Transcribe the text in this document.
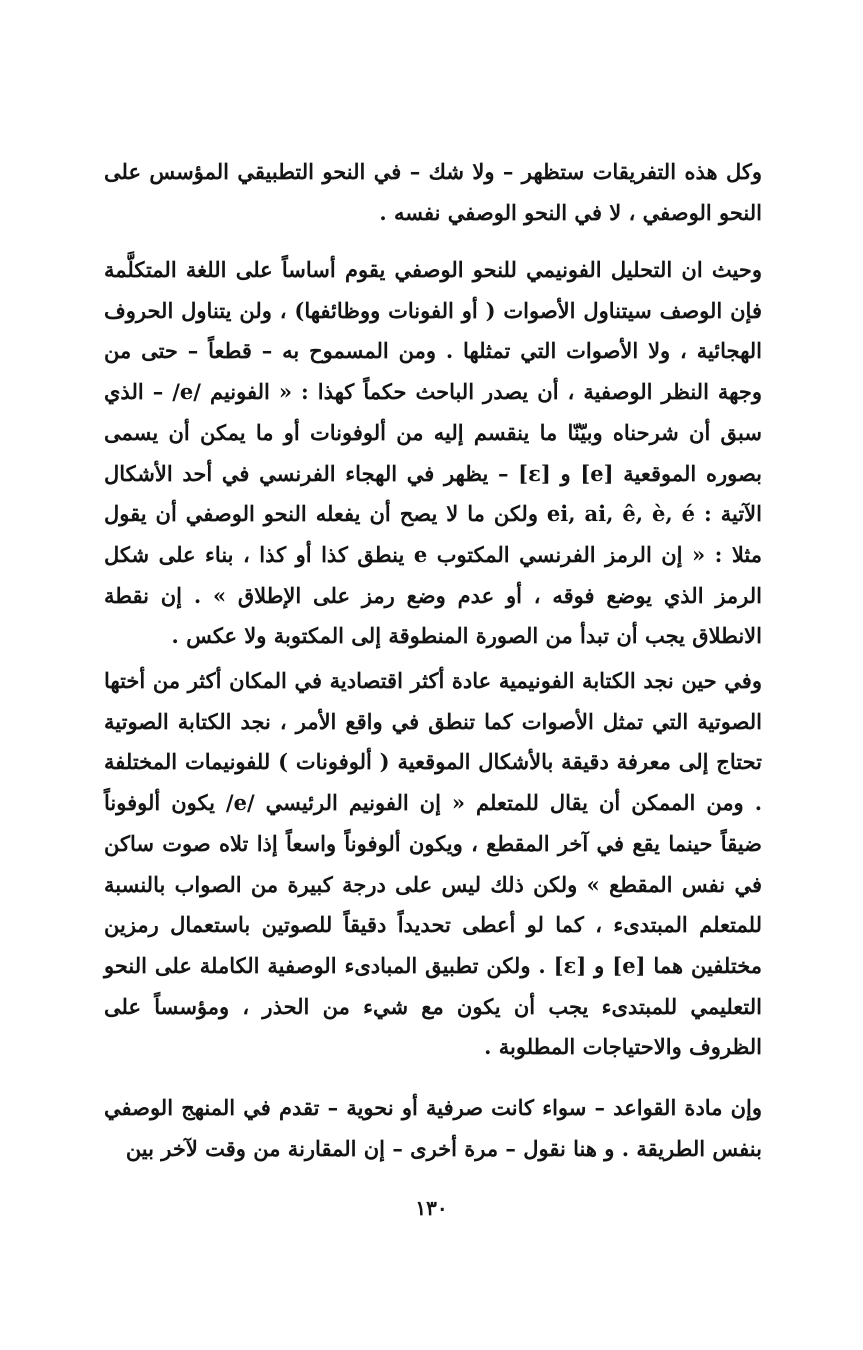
وكل هذه التفريقات ستظهر – ولا شك – في النحو التطبيقي المؤسس على النحو الوصفي ، لا في النحو الوصفي نفسه .

وحيث ان التحليل الفونيمي للنحو الوصفي يقوم أساساً على اللغة المتكلَّمة فإن الوصف سيتناول الأصوات ( أو الفونات ووظائفها) ، ولن يتناول الحروف الهجائية ، ولا الأصوات التي تمثلها . ومن المسموح به – قطعاً – حتى من وجهة النظر الوصفية ، أن يصدر الباحث حكماً كهذا : « الفونيم /e/ – الذي سبق أن شرحناه وبيّنّا ما ينقسم إليه من ألوفونات أو ما يمكن أن يسمى بصوره الموقعية [e] و [ɛ] – يظهر في الهجاء الفرنسي في أحد الأشكال الآتية : ei, ai, ê, è, é ولكن ما لا يصح أن يفعله النحو الوصفي أن يقول مثلا : « إن الرمز الفرنسي المكتوب e ينطق كذا أو كذا ، بناء على شكل الرمز الذي يوضع فوقه ، أو عدم وضع رمز على الإطلاق » . إن نقطة الانطلاق يجب أن تبدأ من الصورة المنطوقة إلى المكتوبة ولا عكس .

وفي حين نجد الكتابة الفونيمية عادة أكثر اقتصادية في المكان أكثر من أختها الصوتية التي تمثل الأصوات كما تنطق في واقع الأمر ، نجد الكتابة الصوتية تحتاج إلى معرفة دقيقة بالأشكال الموقعية ( ألوفونات ) للفونيمات المختلفة . ومن الممكن أن يقال للمتعلم « إن الفونيم الرئيسي /e/ يكون ألوفوناً ضيقاً حينما يقع في آخر المقطع ، ويكون ألوفوناً واسعاً إذا تلاه صوت ساكن في نفس المقطع » ولكن ذلك ليس على درجة كبيرة من الصواب بالنسبة للمتعلم المبتدىء ، كما لو أعطى تحديداً دقيقاً للصوتين باستعمال رمزين مختلفين هما [e] و [ɛ] . ولكن تطبيق المبادىء الوصفية الكاملة على النحو التعليمي للمبتدىء يجب أن يكون مع شيء من الحذر ، ومؤسساً على الظروف والاحتياجات المطلوبة .

وإن مادة القواعد – سواء كانت صرفية أو نحوية – تقدم في المنهج الوصفي بنفس الطريقة . و هنا نقول – مرة أخرى – إن المقارنة من وقت لآخر بين

١٣٠
